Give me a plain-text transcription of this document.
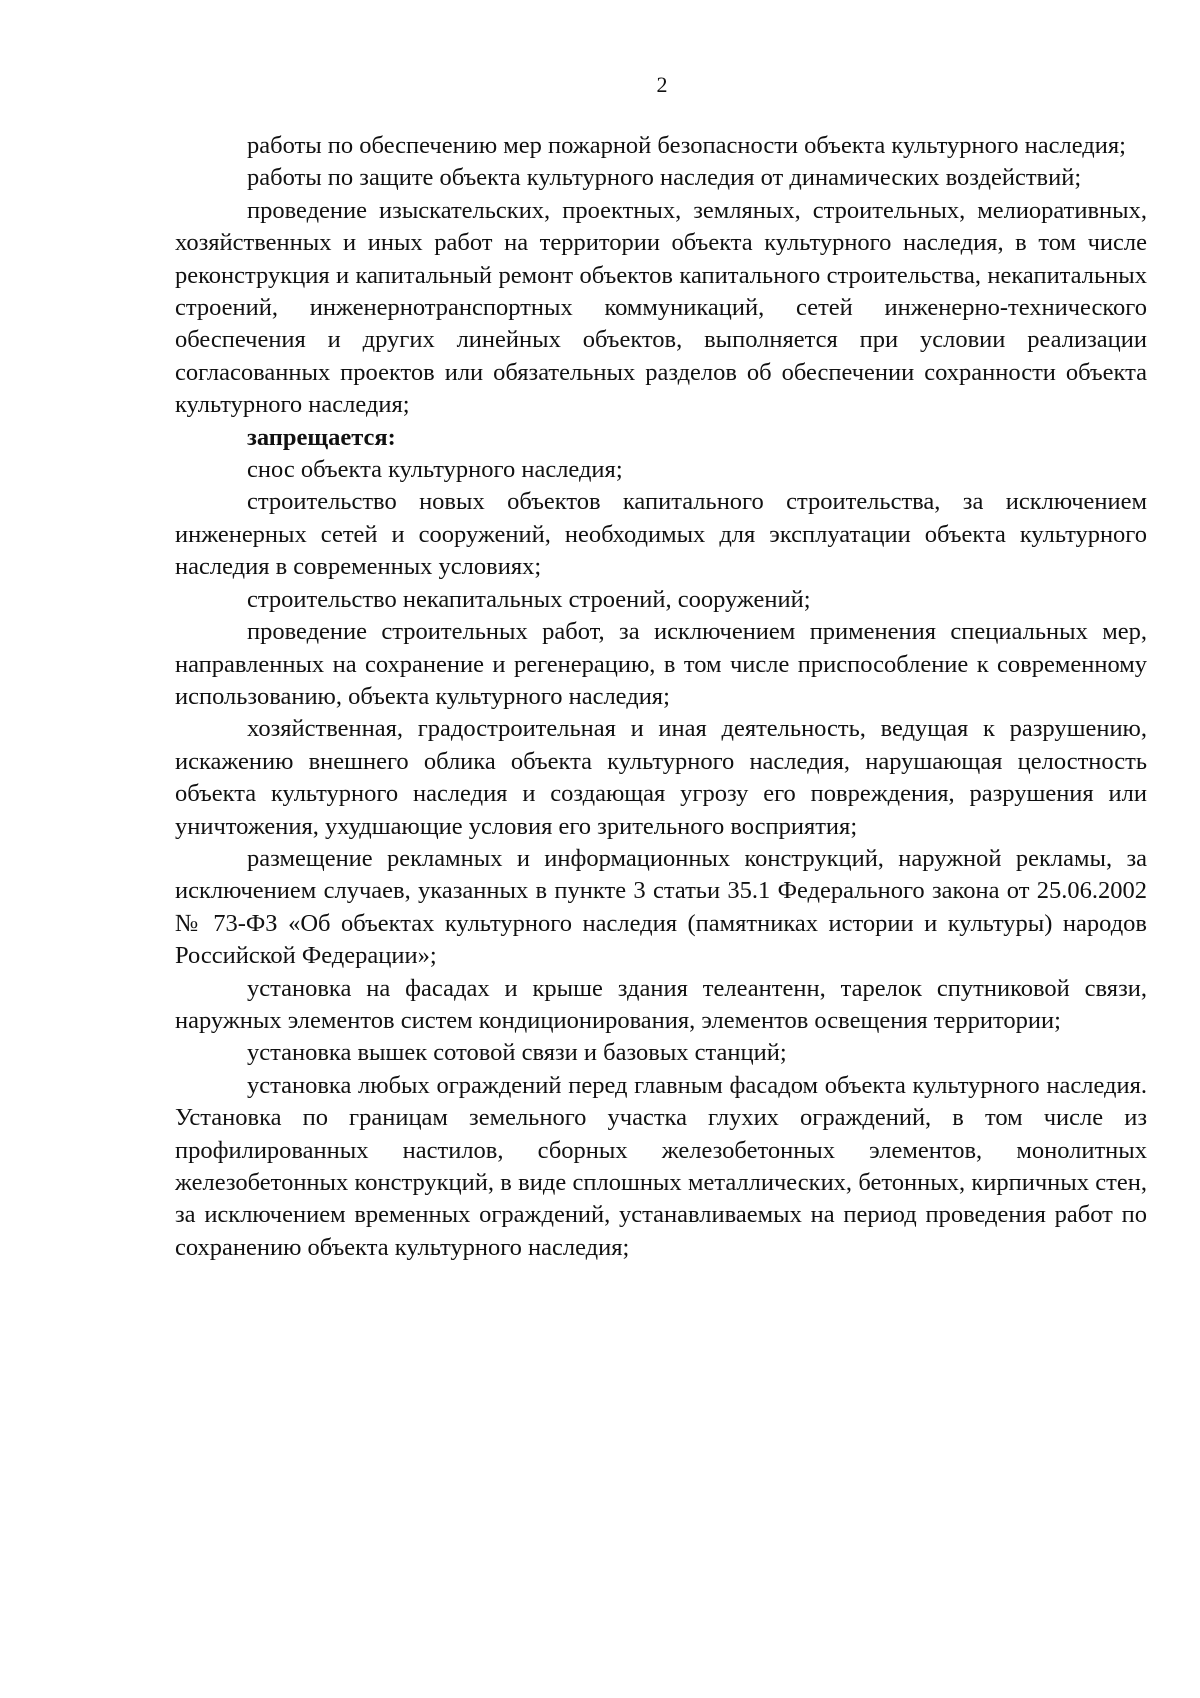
2

работы по обеспечению мер пожарной безопасности объекта культурного наследия;

работы по защите объекта культурного наследия от динамических воздействий;

проведение изыскательских, проектных, земляных, строительных, мелиоративных, хозяйственных и иных работ на территории объекта культурного наследия, в том числе реконструкция и капитальный ремонт объектов капитального строительства, некапитальных строений, инженернотранспортных коммуникаций, сетей инженерно-технического обеспечения и других линейных объектов, выполняется при условии реализации согласованных проектов или обязательных разделов об обеспечении сохранности объекта культурного наследия;

запрещается:

снос объекта культурного наследия;

строительство новых объектов капитального строительства, за исключением инженерных сетей и сооружений, необходимых для эксплуатации объекта культурного наследия в современных условиях;

строительство некапитальных строений, сооружений;

проведение строительных работ, за исключением применения специальных мер, направленных на сохранение и регенерацию, в том числе приспособление к современному использованию, объекта культурного наследия;

хозяйственная, градостроительная и иная деятельность, ведущая к разрушению, искажению внешнего облика объекта культурного наследия, нарушающая целостность объекта культурного наследия и создающая угрозу его повреждения, разрушения или уничтожения, ухудшающие условия его зрительного восприятия;

размещение рекламных и информационных конструкций, наружной рекламы, за исключением случаев, указанных в пункте 3 статьи 35.1 Федерального закона от 25.06.2002 № 73-ФЗ «Об объектах культурного наследия (памятниках истории и культуры) народов Российской Федерации»;

установка на фасадах и крыше здания телеантенн, тарелок спутниковой связи, наружных элементов систем кондиционирования, элементов освещения территории;

установка вышек сотовой связи и базовых станций;

установка любых ограждений перед главным фасадом объекта культурного наследия. Установка по границам земельного участка глухих ограждений, в том числе из профилированных настилов, сборных железобетонных элементов, монолитных железобетонных конструкций, в виде сплошных металлических, бетонных, кирпичных стен, за исключением временных ограждений, устанавливаемых на период проведения работ по сохранению объекта культурного наследия;
